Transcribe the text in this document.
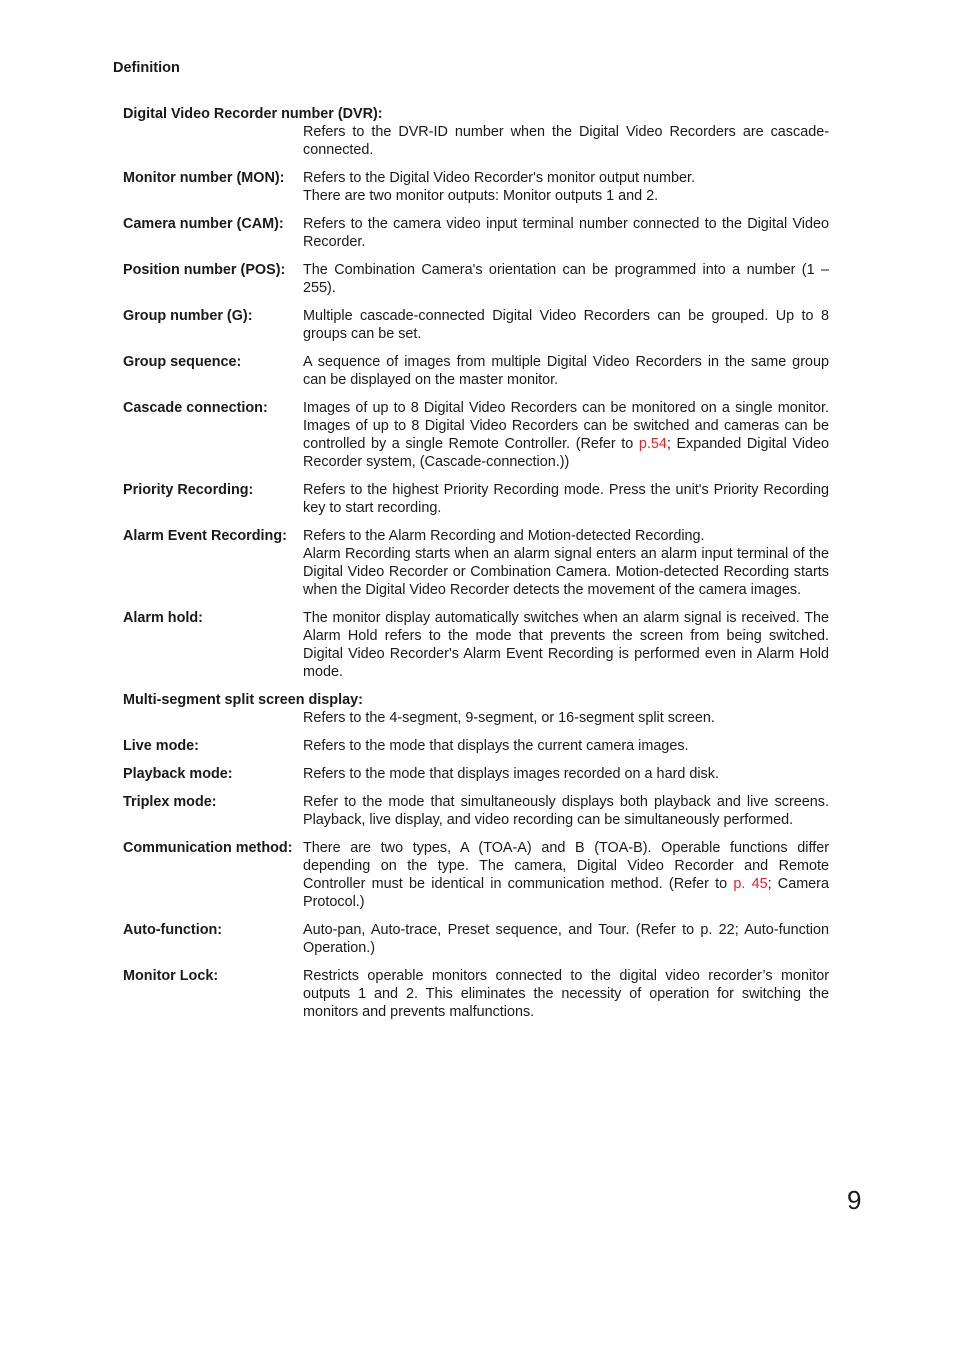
Definition
Digital Video Recorder number (DVR):

Refers to the DVR-ID number when the Digital Video Recorders are cascade-connected.

Monitor number (MON):	Refers to the Digital Video Recorder's monitor output number.

There are two monitor outputs: Monitor outputs 1 and 2.

Camera number (CAM):	Refers to the camera video input terminal number connected to the Digital Video Recorder.

Position number (POS):	The Combination Camera's orientation can be programmed into a number (1 – 255).

Group number (G):	Multiple cascade-connected Digital Video Recorders can be grouped. Up to 8 groups can be set.

Group sequence:	A sequence of images from multiple Digital Video Recorders in the same group can be displayed on the master monitor.

Cascade connection:	Images of up to 8 Digital Video Recorders can be monitored on a single monitor. Images of up to 8 Digital Video Recorders can be switched and cameras can be controlled by a single Remote Controller. (Refer to p.54; Expanded Digital Video Recorder system, (Cascade-connection.))

Priority Recording:	Refers to the highest Priority Recording mode. Press the unit's Priority Recording key to start recording.

Alarm Event Recording:	Refers to the Alarm Recording and Motion-detected Recording.

Alarm Recording starts when an alarm signal enters an alarm input terminal of the Digital Video Recorder or Combination Camera. Motion-detected Recording starts when the Digital Video Recorder detects the movement of the camera images.

Alarm hold:	The monitor display automatically switches when an alarm signal is received. The Alarm Hold refers to the mode that prevents the screen from being switched. Digital Video Recorder's Alarm Event Recording is performed even in Alarm Hold mode.

Multi-segment split screen display:

Refers to the 4-segment, 9-segment, or 16-segment split screen.

Live mode:	Refers to the mode that displays the current camera images.

Playback mode:	Refers to the mode that displays images recorded on a hard disk.

Triplex mode:	Refer to the mode that simultaneously displays both playback and live screens. Playback, live display, and video recording can be simultaneously performed.

Communication method: There are two types, A (TOA-A) and B (TOA-B). Operable functions differ depending on the type. The camera, Digital Video Recorder and Remote Controller must be identical in communication method. (Refer to p. 45; Camera Protocol.)

Auto-function:	Auto-pan, Auto-trace, Preset sequence, and Tour. (Refer to p. 22; Auto-function Operation.)

Monitor Lock:	Restricts operable monitors connected to the digital video recorder’s monitor outputs 1 and 2. This eliminates the necessity of operation for switching the monitors and prevents malfunctions.

9
